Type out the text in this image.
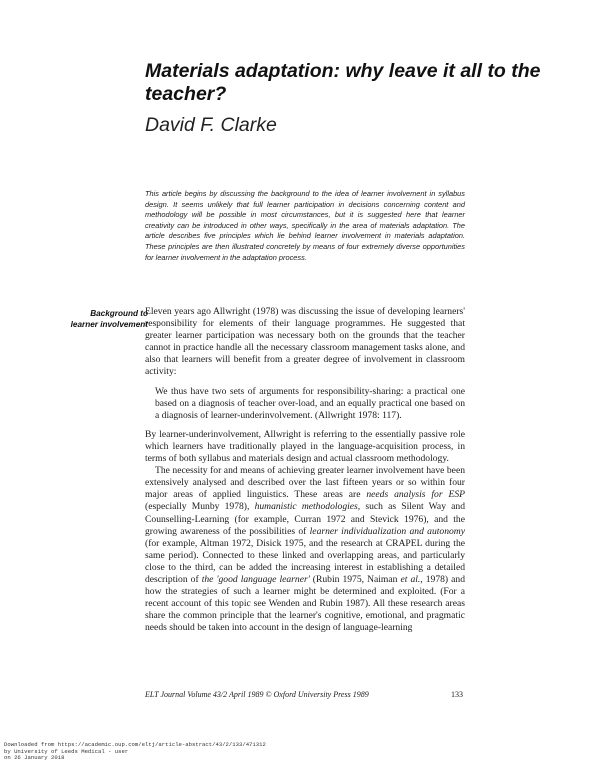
Materials adaptation: why leave it all to the teacher?
David F. Clarke
This article begins by discussing the background to the idea of learner involvement in syllabus design. It seems unlikely that full learner participation in decisions concerning content and methodology will be possible in most circumstances, but it is suggested here that learner creativity can be introduced in other ways, specifically in the area of materials adaptation. The article describes five principles which lie behind learner involvement in materials adaptation. These principles are then illustrated concretely by means of four extremely diverse opportunities for learner involvement in the adaptation process.
Background to
learner involvement

Eleven years ago Allwright (1978) was discussing the issue of developing learners' responsibility for elements of their language programmes. He suggested that greater learner participation was necessary both on the grounds that the teacher cannot in practice handle all the necessary classroom management tasks alone, and also that learners will benefit from a greater degree of involvement in classroom activity:

We thus have two sets of arguments for responsibility-sharing: a practical one based on a diagnosis of teacher over-load, and an equally practical one based on a diagnosis of learner-underinvolvement. (Allwright 1978: 117).

By learner-underinvolvement, Allwright is referring to the essentially passive role which learners have traditionally played in the language-acquisition process, in terms of both syllabus and materials design and actual classroom methodology.

The necessity for and means of achieving greater learner involvement have been extensively analysed and described over the last fifteen years or so within four major areas of applied linguistics. These areas are needs analysis for ESP (especially Munby 1978), humanistic methodologies, such as Silent Way and Counselling-Learning (for example, Curran 1972 and Stevick 1976), and the growing awareness of the possibilities of learner individualization and autonomy (for example, Altman 1972, Disick 1975, and the research at CRAPEL during the same period). Connected to these linked and overlapping areas, and particularly close to the third, can be added the increasing interest in establishing a detailed description of the 'good language learner' (Rubin 1975, Naiman et al., 1978) and how the strategies of such a learner might be determined and exploited. (For a recent account of this topic see Wenden and Rubin 1987). All these research areas share the common principle that the learner's cognitive, emotional, and pragmatic needs should be taken into account in the design of language-learning

ELT Journal Volume 43/2 April 1989 © Oxford University Press 1989	133
Downloaded from https://academic.oup.com/eltj/article-abstract/43/2/133/471312
by University of Leeds Medical - user
on 26 January 2018
